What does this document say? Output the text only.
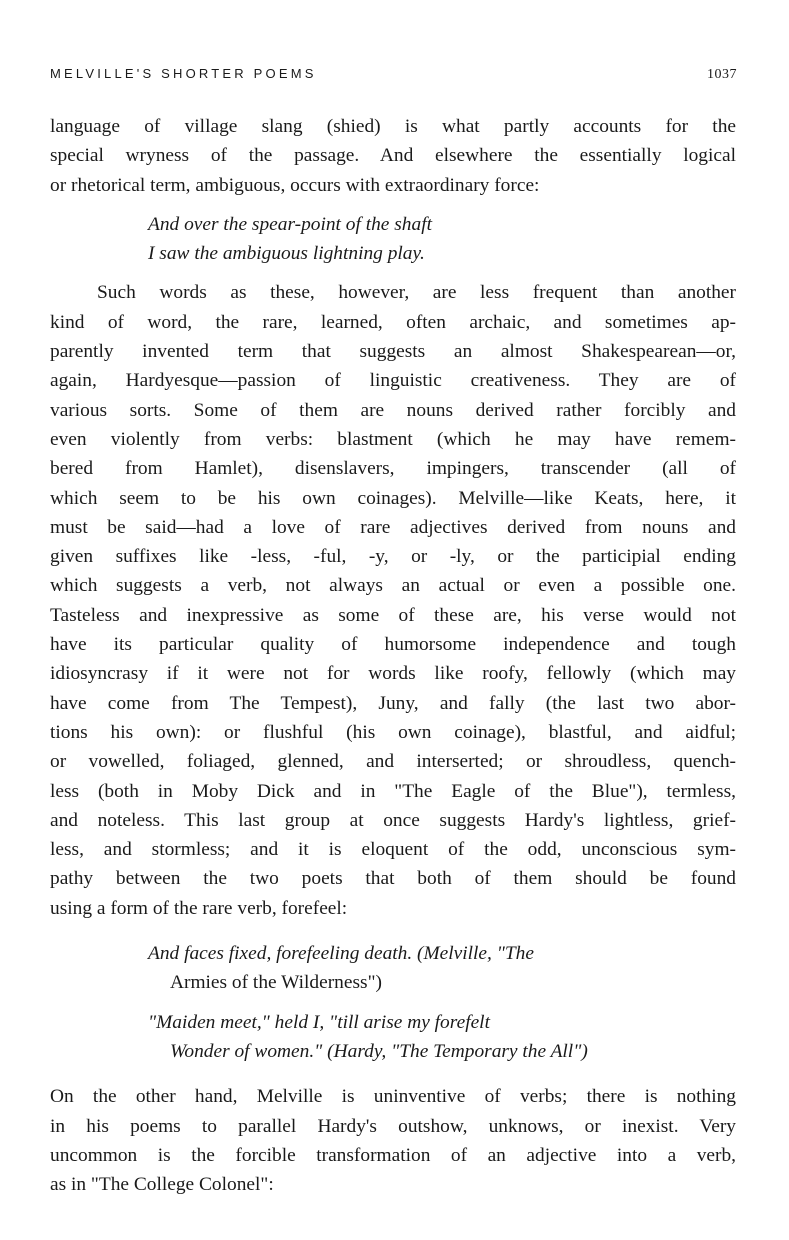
MELVILLE'S SHORTER POEMS	1037
language of village slang (shied) is what partly accounts for the
special wryness of the passage. And elsewhere the essentially logical
or rhetorical term, ambiguous, occurs with extraordinary force:
And over the spear-point of the shaft
I saw the ambiguous lightning play.
Such words as these, however, are less frequent than another
kind of word, the rare, learned, often archaic, and sometimes ap-
parently invented term that suggests an almost Shakespearean—or,
again, Hardyesque—passion of linguistic creativeness. They are of
various sorts. Some of them are nouns derived rather forcibly and
even violently from verbs: blastment (which he may have remem-
bered from Hamlet), disenslavers, impingers, transcender (all of
which seem to be his own coinages). Melville—like Keats, here, it
must be said—had a love of rare adjectives derived from nouns and
given suffixes like -less, -ful, -y, or -ly, or the participial ending
which suggests a verb, not always an actual or even a possible one.
Tasteless and inexpressive as some of these are, his verse would not
have its particular quality of humorsome independence and tough
idiosyncrasy if it were not for words like roofy, fellowly (which may
have come from The Tempest), Juny, and fally (the last two abor-
tions his own): or flushful (his own coinage), blastful, and aidful;
or vowelled, foliaged, glenned, and interserted; or shroudless, quench-
less (both in Moby Dick and in "The Eagle of the Blue"), termless,
and noteless. This last group at once suggests Hardy's lightless, grief-
less, and stormless; and it is eloquent of the odd, unconscious sym-
pathy between the two poets that both of them should be found
using a form of the rare verb, forefeel:
And faces fixed, forefeeling death. (Melville, "The
Armies of the Wilderness")
"Maiden meet," held I, "till arise my forefelt
Wonder of women." (Hardy, "The Temporary the All")
On the other hand, Melville is uninventive of verbs; there is nothing
in his poems to parallel Hardy's outshow, unknows, or inexist. Very
uncommon is the forcible transformation of an adjective into a verb,
as in "The College Colonel":
